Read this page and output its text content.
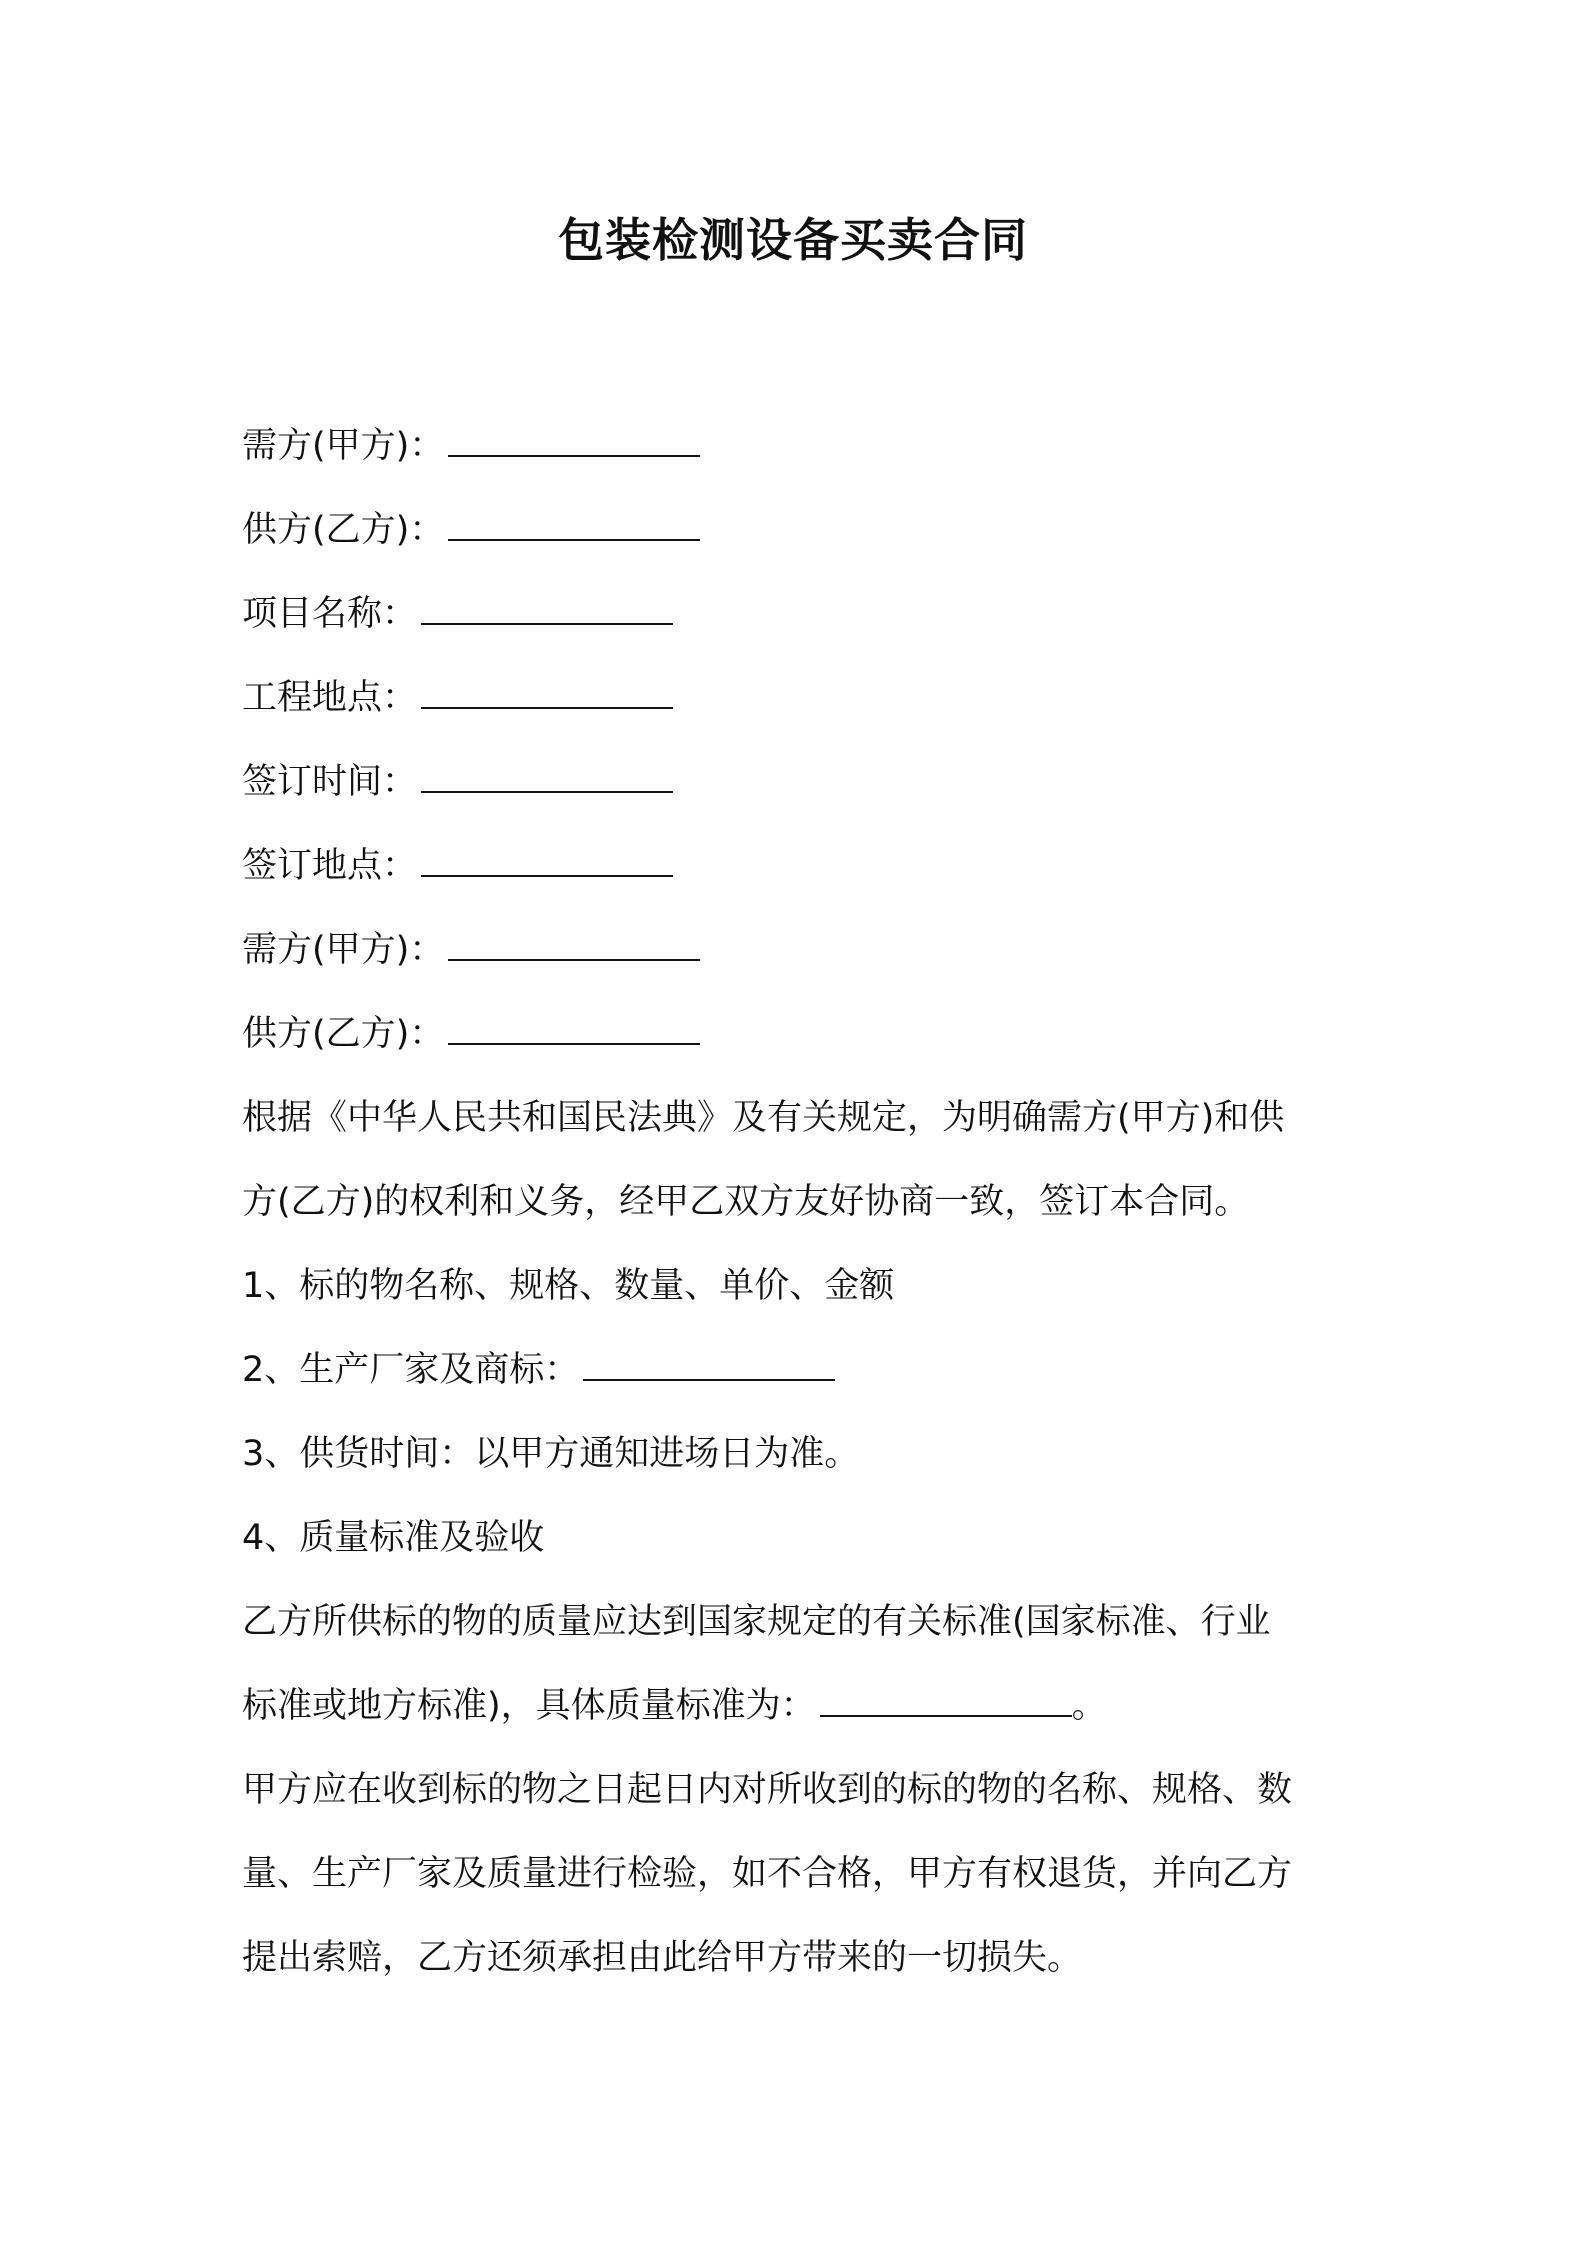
包装检测设备买卖合同
需方(甲方)：
供方(乙方)：
项目名称：
工程地点：
签订时间：
签订地点：
需方(甲方)：
供方(乙方)：
根据《中华人民共和国民法典》及有关规定，为明确需方(甲方)和供
方(乙方)的权利和义务，经甲乙双方友好协商一致，签订本合同。
1、标的物名称、规格、数量、单价、金额
2、生产厂家及商标：
3、供货时间：以甲方通知进场日为准。
4、质量标准及验收
乙方所供标的物的质量应达到国家规定的有关标准(国家标准、行业
标准或地方标准)，具体质量标准为：	。
甲方应在收到标的物之日起日内对所收到的标的物的名称、规格、数
量、生产厂家及质量进行检验，如不合格，甲方有权退货，并向乙方
提出索赔，乙方还须承担由此给甲方带来的一切损失。
